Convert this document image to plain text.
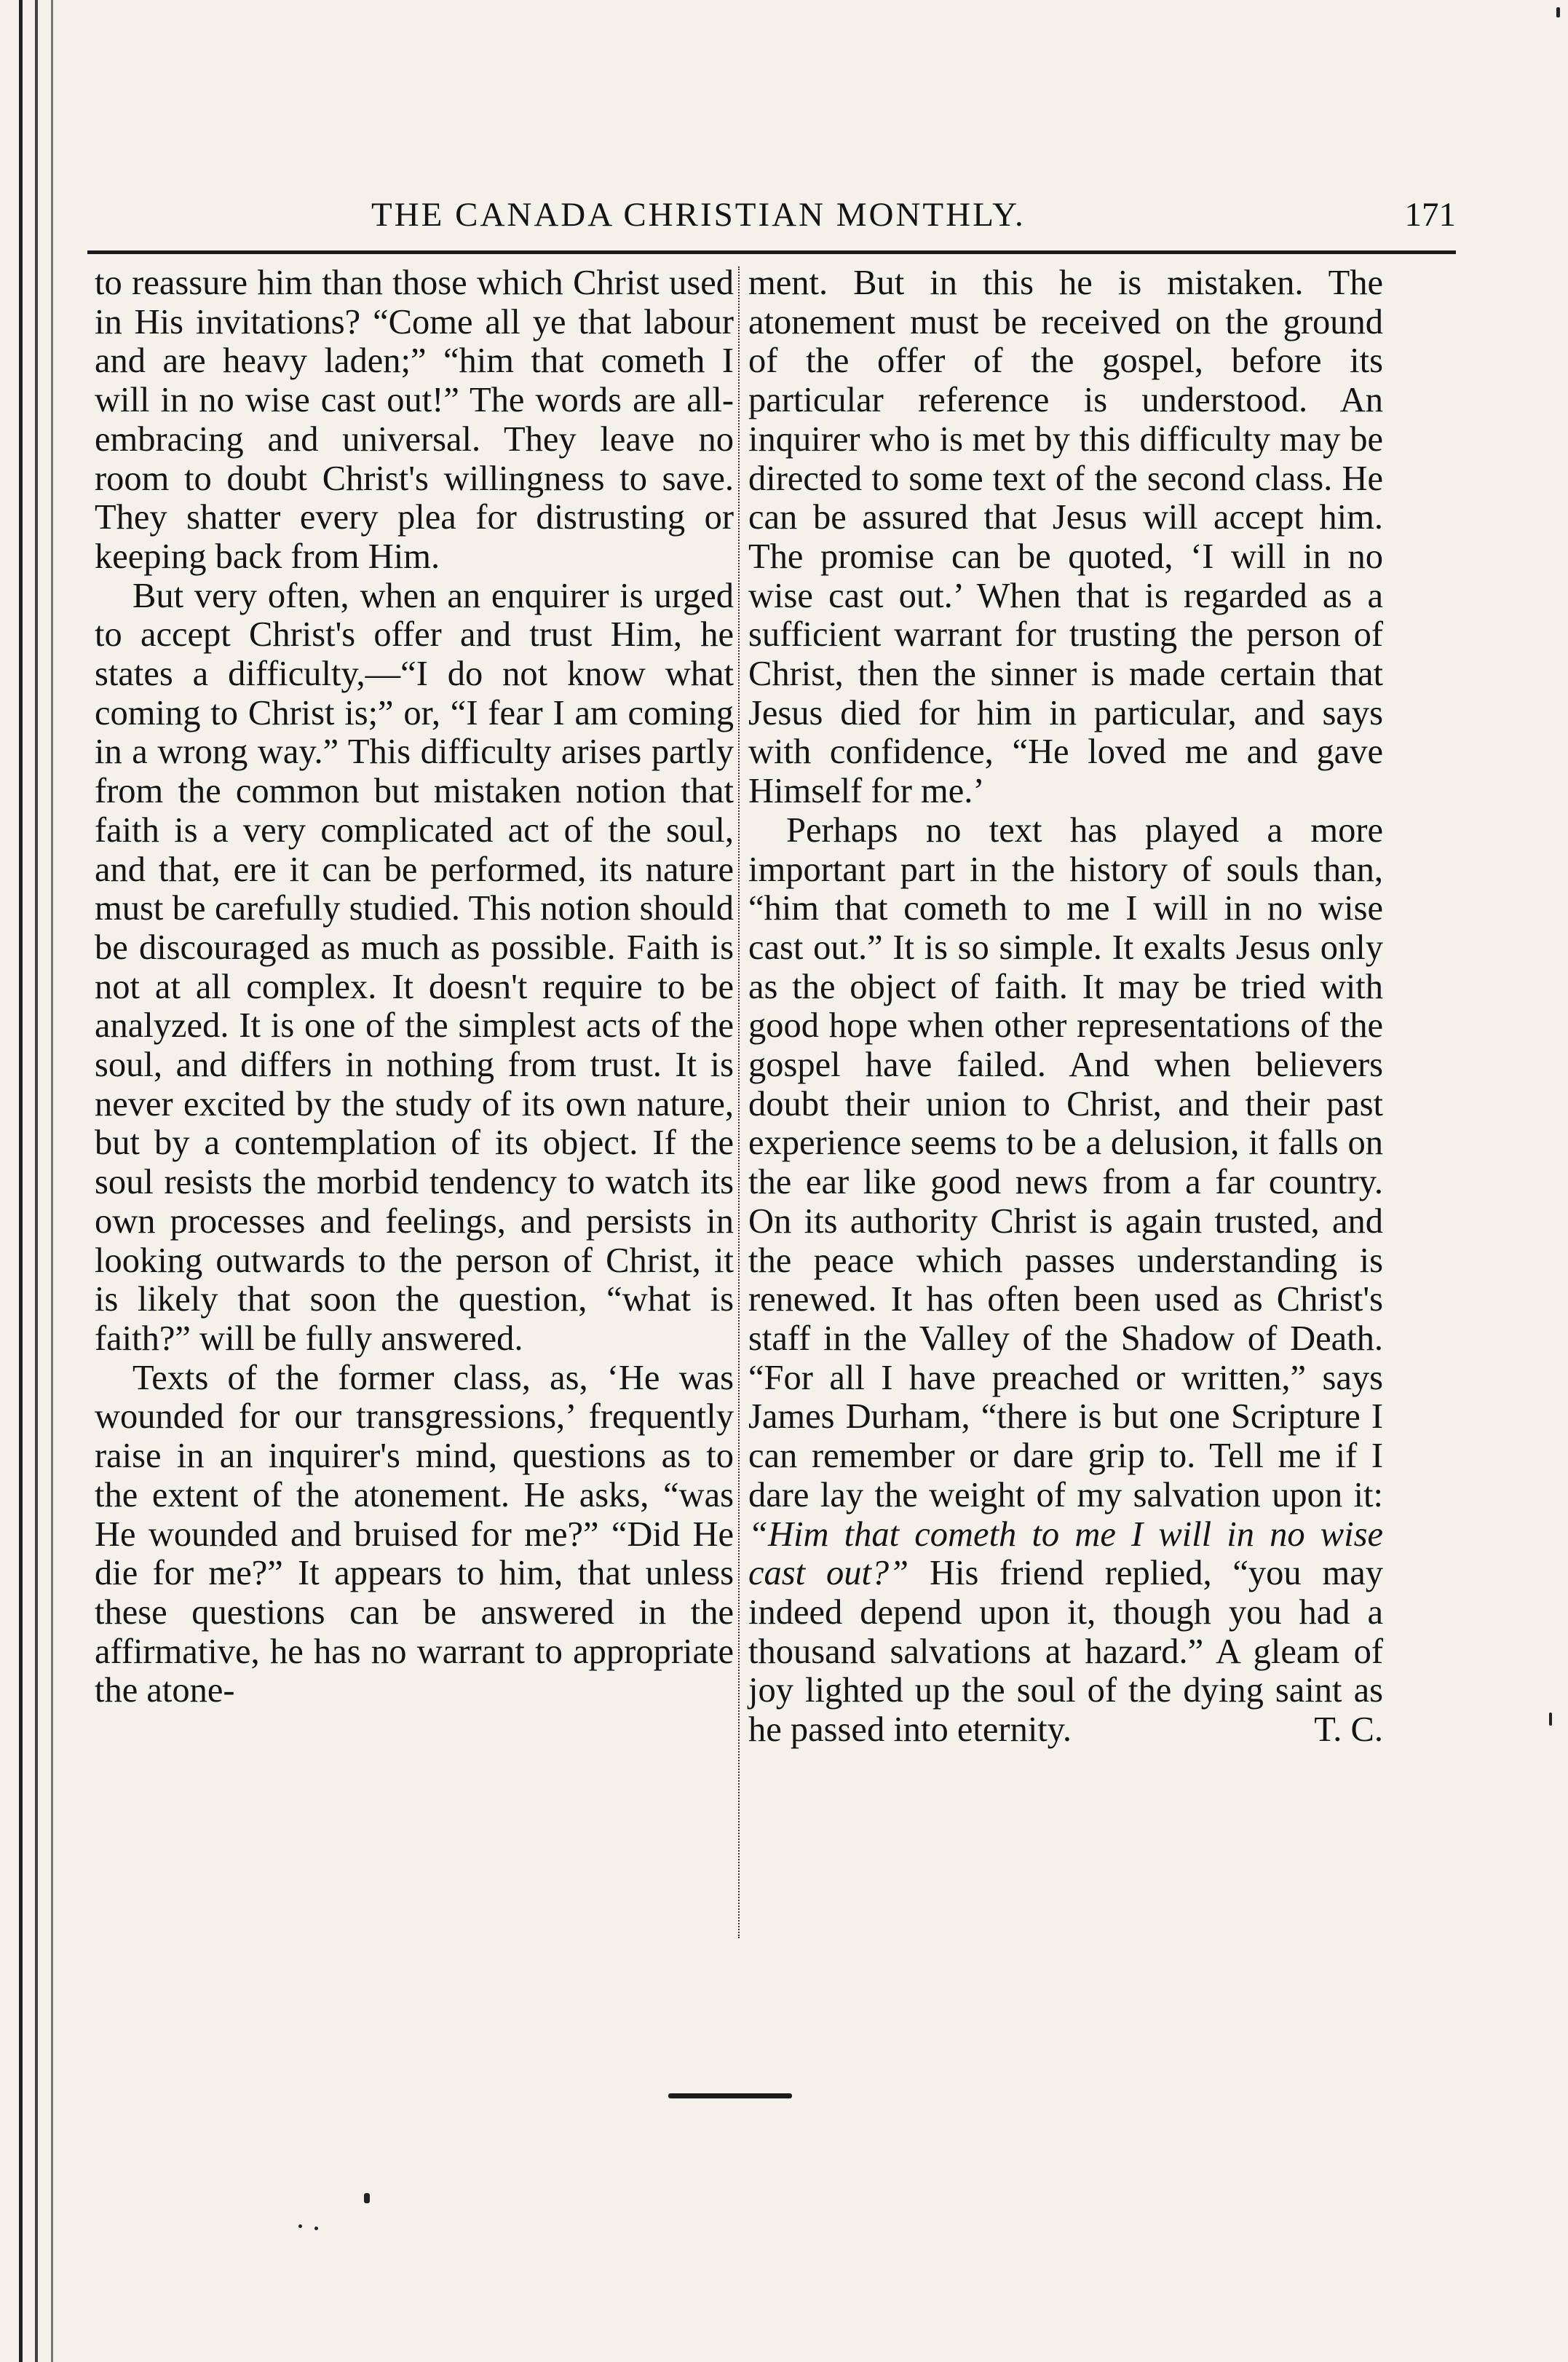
THE CANADA CHRISTIAN MONTHLY.	171

to reassure him than those which Christ used in His invitations? “Come all ye that labour and are heavy laden;” “him that cometh I will in no wise cast out!” The words are all-embracing and universal. They leave no room to doubt Christ's willingness to save. They shatter every plea for distrusting or keeping back from Him.

But very often, when an enquirer is urged to accept Christ's offer and trust Him, he states a difficulty,—“I do not know what coming to Christ is;” or, “I fear I am coming in a wrong way.” This difficulty arises partly from the common but mistaken notion that faith is a very complicated act of the soul, and that, ere it can be performed, its nature must be carefully studied. This notion should be discouraged as much as possible. Faith is not at all complex. It doesn't require to be analyzed. It is one of the simplest acts of the soul, and differs in nothing from trust. It is never excited by the study of its own nature, but by a contemplation of its object. If the soul resists the morbid tendency to watch its own processes and feelings, and persists in looking outwards to the person of Christ, it is likely that soon the question, “what is faith?” will be fully answered.

Texts of the former class, as, ‘He was wounded for our transgressions,’ frequently raise in an inquirer's mind, questions as to the extent of the atonement. He asks, “was He wounded and bruised for me?” “Did He die for me?” It appears to him, that unless these questions can be answered in the affirmative, he has no warrant to appropriate the atone-

ment. But in this he is mistaken. The atonement must be received on the ground of the offer of the gospel, before its particular reference is understood. An inquirer who is met by this difficulty may be directed to some text of the second class. He can be assured that Jesus will accept him. The promise can be quoted, ‘I will in no wise cast out.’ When that is regarded as a sufficient warrant for trusting the person of Christ, then the sinner is made certain that Jesus died for him in particular, and says with confidence, “He loved me and gave Himself for me.’

Perhaps no text has played a more important part in the history of souls than, “him that cometh to me I will in no wise cast out.” It is so simple. It exalts Jesus only as the object of faith. It may be tried with good hope when other representations of the gospel have failed. And when believers doubt their union to Christ, and their past experience seems to be a delusion, it falls on the ear like good news from a far country. On its authority Christ is again trusted, and the peace which passes understanding is renewed. It has often been used as Christ's staff in the Valley of the Shadow of Death. “For all I have preached or written,” says James Durham, “there is but one Scripture I can remember or dare grip to. Tell me if I dare lay the weight of my salvation upon it: “Him that cometh to me I will in no wise cast out?” His friend replied, “you may indeed depend upon it, though you had a thousand salvations at hazard.” A gleam of joy lighted up the soul of the dying saint as he passed into eternity.	T. C.
